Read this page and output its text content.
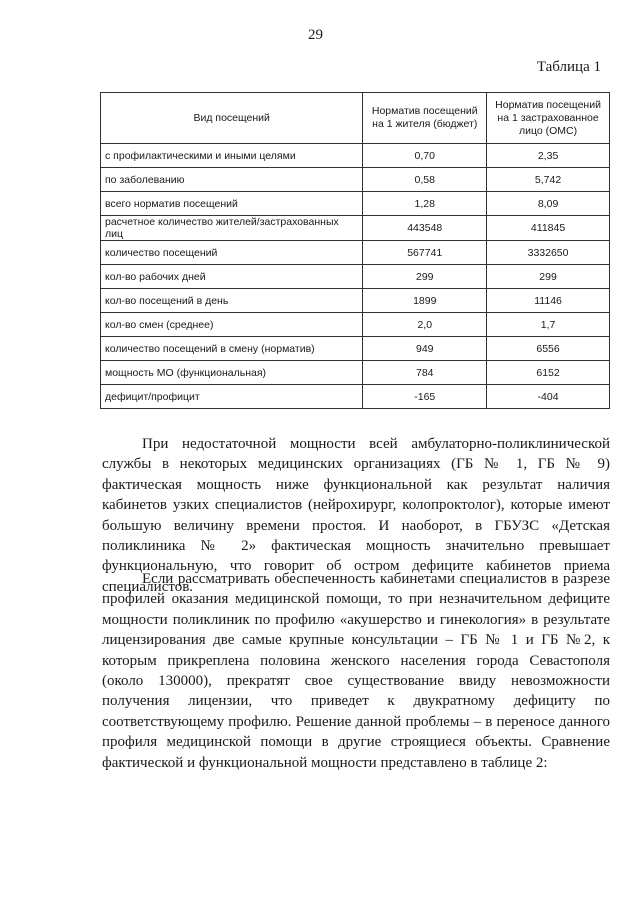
29
Таблица 1
Вид посещений	Норматив посещений на 1 жителя (бюджет)	Норматив посещений на 1 застрахованное лицо (ОМС)
с профилактическими и иными целями	0,70	2,35
по заболеванию	0,58	5,742
всего норматив посещений	1,28	8,09
расчетное количество жителей/застрахованных лиц	443548	411845
количество посещений	567741	3332650
кол-во рабочих дней	299	299
кол-во посещений в день	1899	11146
кол-во смен (среднее)	2,0	1,7
количество посещений в смену (норматив)	949	6556
мощность МО (функциональная)	784	6152
дефицит/профицит	-165	-404

При недостаточной мощности всей амбулаторно-поликлинической службы в некоторых медицинских организациях (ГБ № 1, ГБ № 9) фактическая мощность ниже функциональной как результат наличия кабинетов узких специалистов (нейрохирург, колопроктолог), которые имеют большую величину времени простоя. И наоборот, в ГБУЗС «Детская поликлиника № 2» фактическая мощность значительно превышает функциональную, что говорит об остром дефиците кабинетов приема специалистов.

Если рассматривать обеспеченность кабинетами специалистов в разрезе профилей оказания медицинской помощи, то при незначительном дефиците мощности поликлиник по профилю «акушерство и гинекология» в результате лицензирования две самые крупные консультации – ГБ № 1 и ГБ №2, к которым прикреплена половина женского населения города Севастополя (около 130000), прекратят свое существование ввиду невозможности получения лицензии, что приведет к двукратному дефициту по соответствующему профилю. Решение данной проблемы – в переносе данного профиля медицинской помощи в другие строящиеся объекты. Сравнение фактической и функциональной мощности представлено в таблице 2:
